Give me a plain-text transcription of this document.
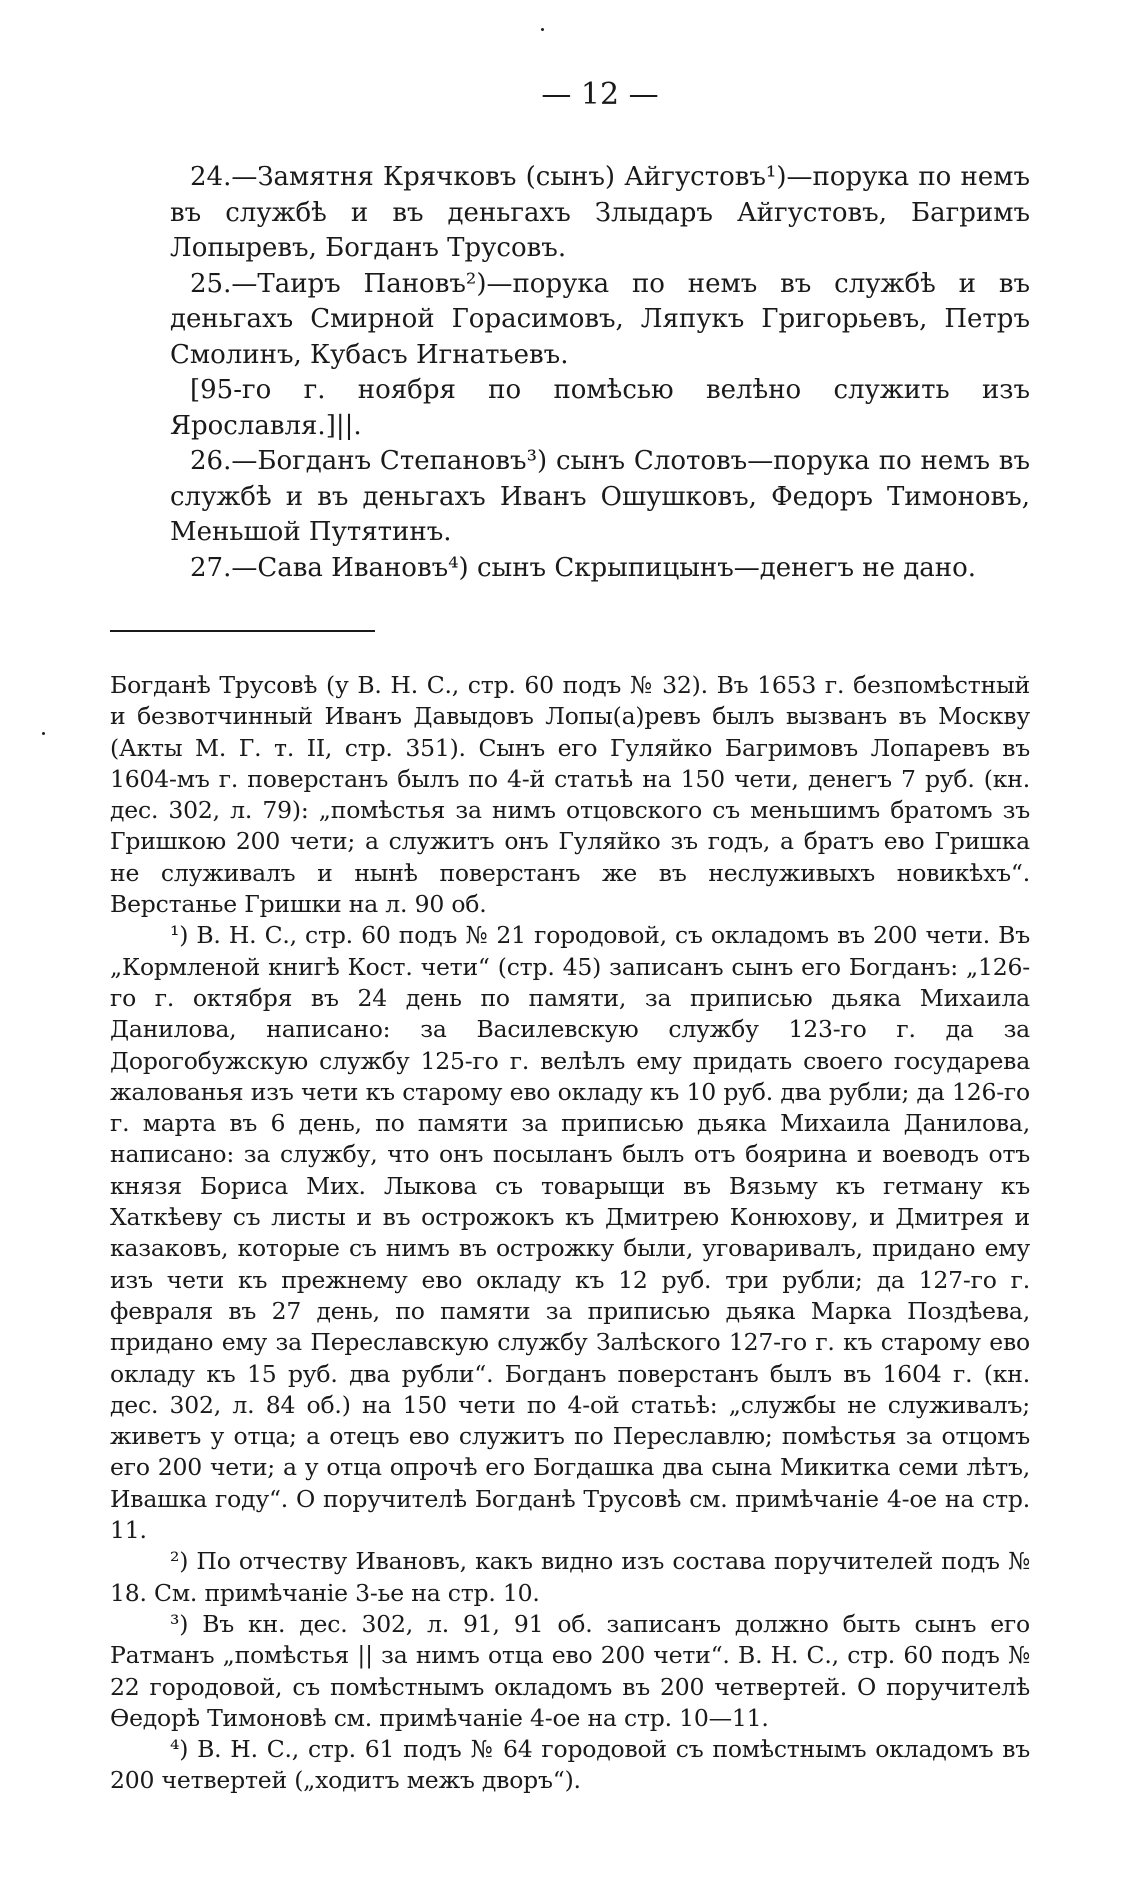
— 12 —

24.—Замятня Крячковъ (сынъ) Айгустовъ¹)—порука по немъ въ службѣ и въ деньгахъ Злыдаръ Айгустовъ, Багримъ Лопыревъ, Богданъ Трусовъ.

25.—Таиръ Пановъ²)—порука по немъ въ службѣ и въ деньгахъ Смирной Горасимовъ, Ляпукъ Григорьевъ, Петръ Смолинъ, Кубасъ Игнатьевъ.

[95-го г. ноября по помѣсью велѣно служить изъ Ярославля.]||.

26.—Богданъ Степановъ³) сынъ Слотовъ—порука по немъ въ службѣ и въ деньгахъ Иванъ Ошушковъ, Федоръ Тимоновъ, Меньшой Путятинъ.

27.—Сава Ивановъ⁴) сынъ Скрыпицынъ—денегъ не дано.

Богданѣ Трусовѣ (у В. Н. С., стр. 60 подъ № 32). Въ 1653 г. безпомѣстный и безвотчинный Иванъ Давыдовъ Лопы(а)ревъ былъ вызванъ въ Москву (Акты М. Г. т. II, стр. 351). Сынъ его Гуляйко Багримовъ Лопаревъ въ 1604-мъ г. поверстанъ былъ по 4-й статьѣ на 150 чети, денегъ 7 руб. (кн. дес. 302, л. 79): „помѣстья за нимъ отцовского съ меньшимъ братомъ зъ Гришкою 200 чети; а служитъ онъ Гуляйко зъ годъ, а братъ ево Гришка не служивалъ и нынѣ поверстанъ же въ неслуживыхъ новикѣхъ“. Верстанье Гришки на л. 90 об.

¹) В. Н. С., стр. 60 подъ № 21 городовой, съ окладомъ въ 200 чети. Въ „Кормленой книгѣ Кост. чети“ (стр. 45) записанъ сынъ его Богданъ: „126-го г. октября въ 24 день по памяти, за приписью дьяка Михаила Данилова, написано: за Василевскую службу 123-го г. да за Дорогобужскую службу 125-го г. велѣлъ ему придать своего государева жалованья изъ чети къ старому ево окладу къ 10 руб. два рубли; да 126-го г. марта въ 6 день, по памяти за приписью дьяка Михаила Данилова, написано: за службу, что онъ посыланъ былъ отъ боярина и воеводъ отъ князя Бориса Мих. Лыкова съ товарыщи въ Вязьму къ гетману къ Хаткѣеву съ листы и въ острожокъ къ Дмитрею Конюхову, и Дмитрея и казаковъ, которые съ нимъ въ острожку были, уговаривалъ, придано ему изъ чети къ прежнему ево окладу къ 12 руб. три рубли; да 127-го г. февраля въ 27 день, по памяти за приписью дьяка Марка Поздѣева, придано ему за Переславскую службу Залѣского 127-го г. къ старому ево окладу къ 15 руб. два рубли“. Богданъ поверстанъ былъ въ 1604 г. (кн. дес. 302, л. 84 об.) на 150 чети по 4-ой статьѣ: „службы не служивалъ; живетъ у отца; а отецъ ево служитъ по Переславлю; помѣстья за отцомъ его 200 чети; а у отца опрочѣ его Богдашка два сына Микитка семи лѣтъ, Ивашка году“. О поручителѣ Богданѣ Трусовѣ см. примѣчаніе 4-ое на стр. 11.

²) По отчеству Ивановъ, какъ видно изъ состава поручителей подъ № 18. См. примѣчаніе 3-ье на стр. 10.

³) Въ кн. дес. 302, л. 91, 91 об. записанъ должно быть сынъ его Ратманъ „помѣстья || за нимъ отца ево 200 чети“. В. Н. С., стр. 60 подъ № 22 городовой, съ помѣстнымъ окладомъ въ 200 четвертей. О поручителѣ Ѳедорѣ Тимоновѣ см. примѣчаніе 4-ое на стр. 10—11.

⁴) В. Н. С., стр. 61 подъ № 64 городовой съ помѣстнымъ окладомъ въ 200 четвертей („ходитъ межъ дворъ“).
